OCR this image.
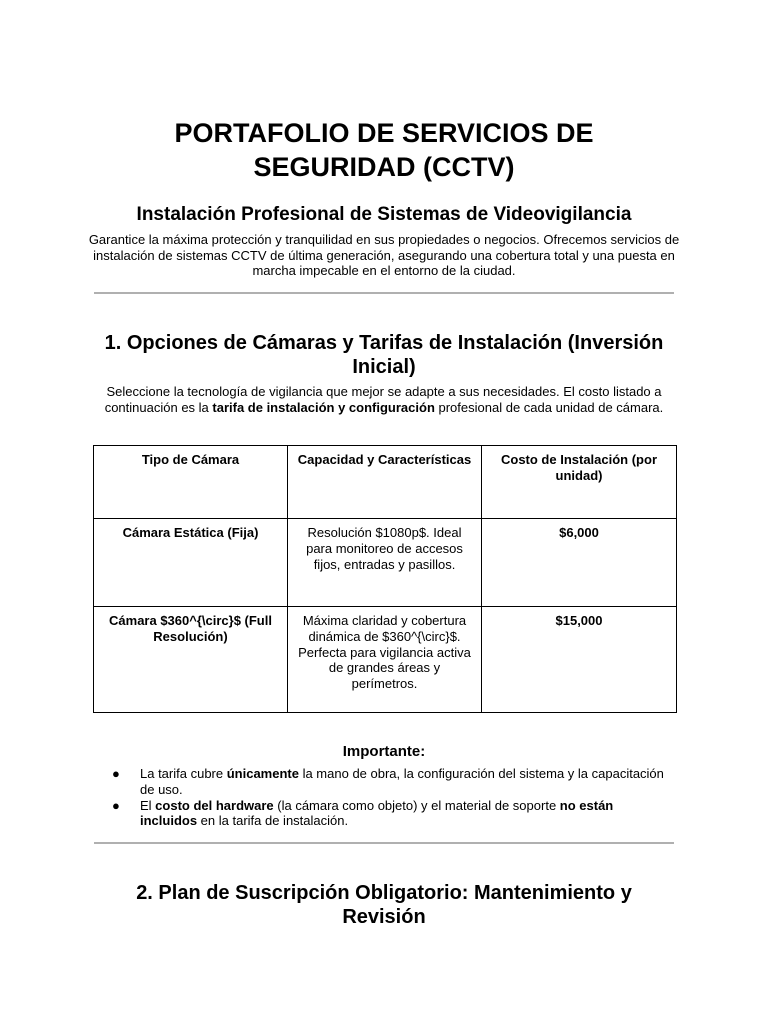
PORTAFOLIO DE SERVICIOS DE SEGURIDAD (CCTV)
Instalación Profesional de Sistemas de Videovigilancia

Garantice la máxima protección y tranquilidad en sus propiedades o negocios. Ofrecemos servicios de instalación de sistemas CCTV de última generación, asegurando una cobertura total y una puesta en marcha impecable en el entorno de la ciudad.

1. Opciones de Cámaras y Tarifas de Instalación (Inversión Inicial)

Seleccione la tecnología de vigilancia que mejor se adapte a sus necesidades. El costo listado a continuación es la tarifa de instalación y configuración profesional de cada unidad de cámara.

Tipo de Cámara	Capacidad y Características	Costo de Instalación (por unidad)
Cámara Estática (Fija)	Resolución $1080p$. Ideal para monitoreo de accesos fijos, entradas y pasillos.	$6,000
Cámara $360^{\circ}$ (Full Resolución)	Máxima claridad y cobertura dinámica de $360^{\circ}$. Perfecta para vigilancia activa de grandes áreas y perímetros.	$15,000
Importante:
● La tarifa cubre únicamente la mano de obra, la configuración del sistema y la capacitación de uso.
● El costo del hardware (la cámara como objeto) y el material de soporte no están incluidos en la tarifa de instalación.
2. Plan de Suscripción Obligatorio: Mantenimiento y Revisión
